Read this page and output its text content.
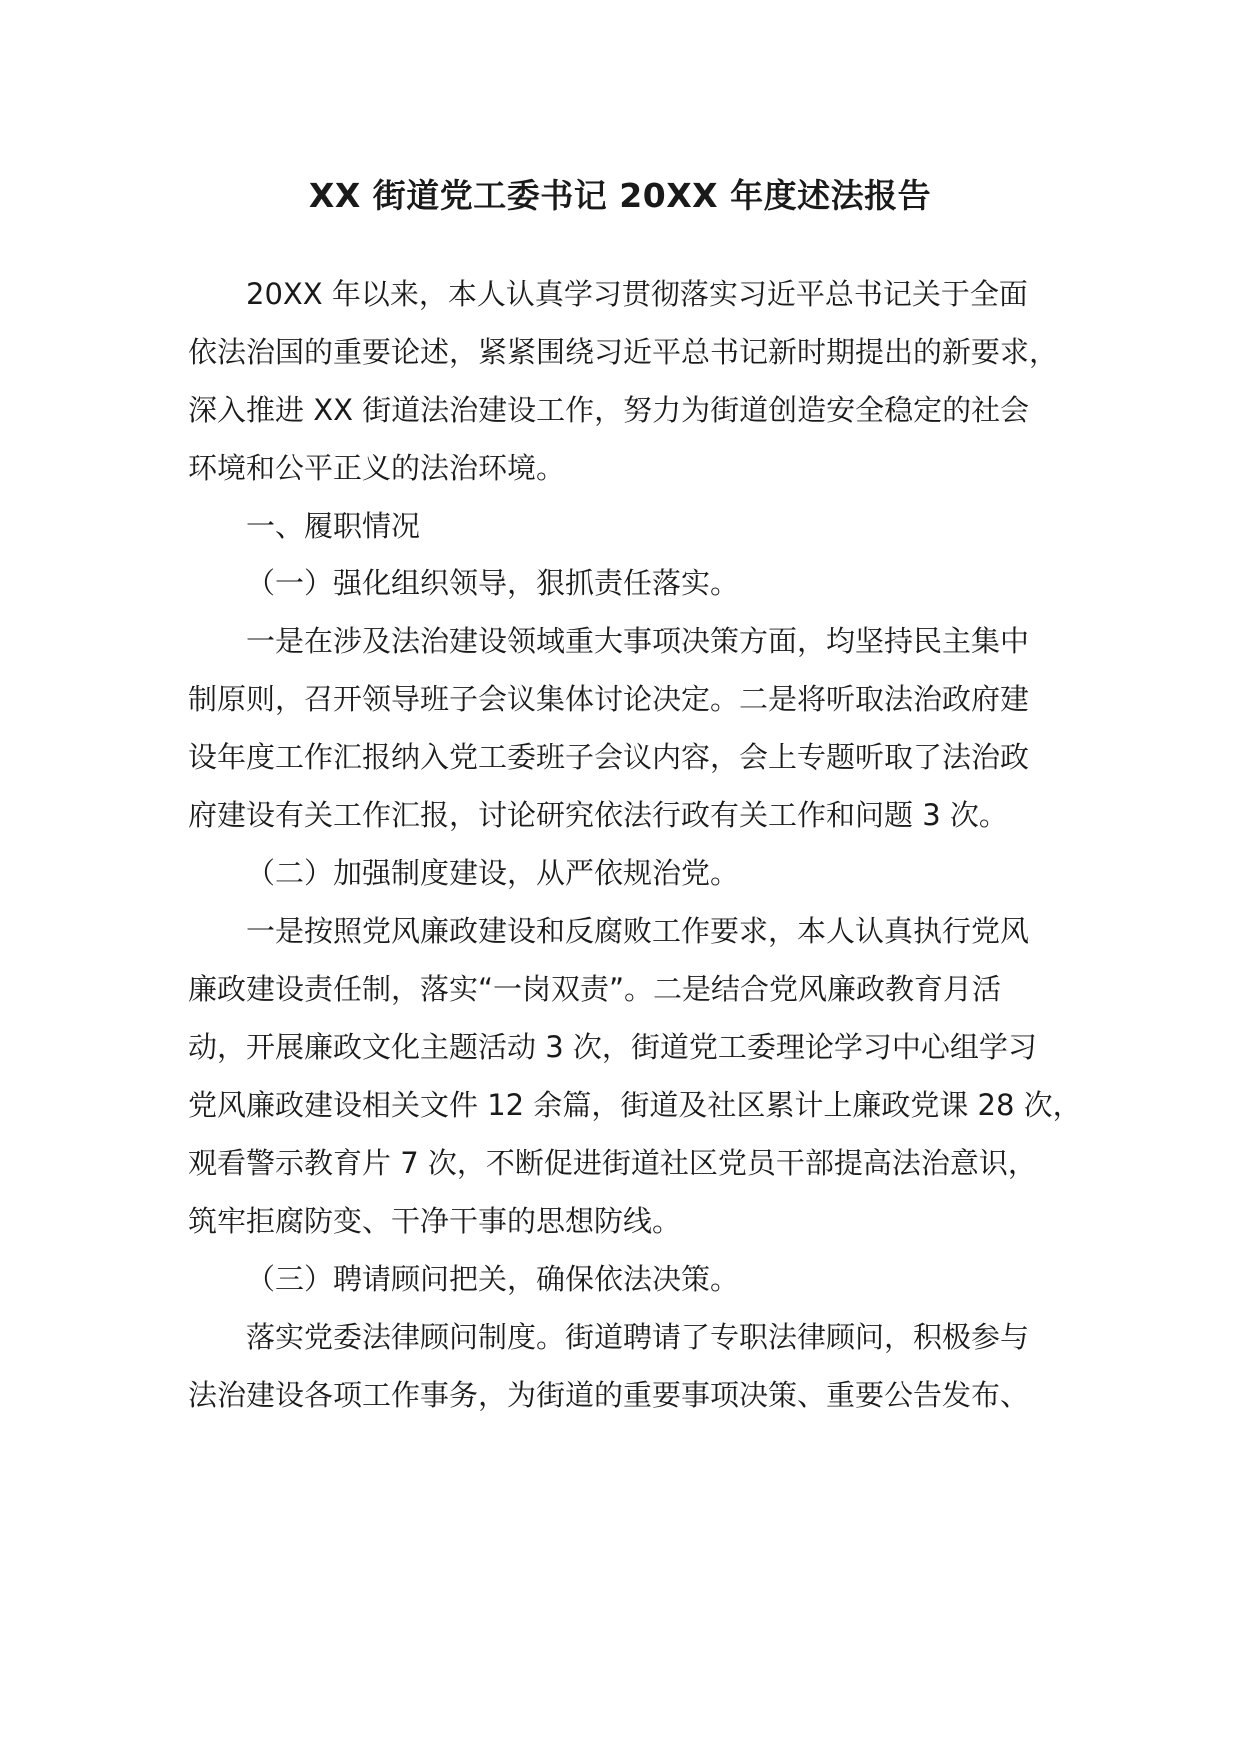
XX 街道党工委书记 20XX 年度述法报告

20XX 年以来，本人认真学习贯彻落实习近平总书记关于全面

依法治国的重要论述，紧紧围绕习近平总书记新时期提出的新要求，

深入推进 XX 街道法治建设工作，努力为街道创造安全稳定的社会

环境和公平正义的法治环境。

一、履职情况

（一）强化组织领导，狠抓责任落实。

一是在涉及法治建设领域重大事项决策方面，均坚持民主集中

制原则，召开领导班子会议集体讨论决定。二是将听取法治政府建

设年度工作汇报纳入党工委班子会议内容，会上专题听取了法治政

府建设有关工作汇报，讨论研究依法行政有关工作和问题 3 次。

（二）加强制度建设，从严依规治党。

一是按照党风廉政建设和反腐败工作要求，本人认真执行党风

廉政建设责任制，落实“一岗双责”。二是结合党风廉政教育月活

动，开展廉政文化主题活动 3 次，街道党工委理论学习中心组学习

党风廉政建设相关文件 12 余篇，街道及社区累计上廉政党课 28 次，

观看警示教育片 7 次，不断促进街道社区党员干部提高法治意识，

筑牢拒腐防变、干净干事的思想防线。

（三）聘请顾问把关，确保依法决策。

落实党委法律顾问制度。街道聘请了专职法律顾问，积极参与

法治建设各项工作事务，为街道的重要事项决策、重要公告发布、
